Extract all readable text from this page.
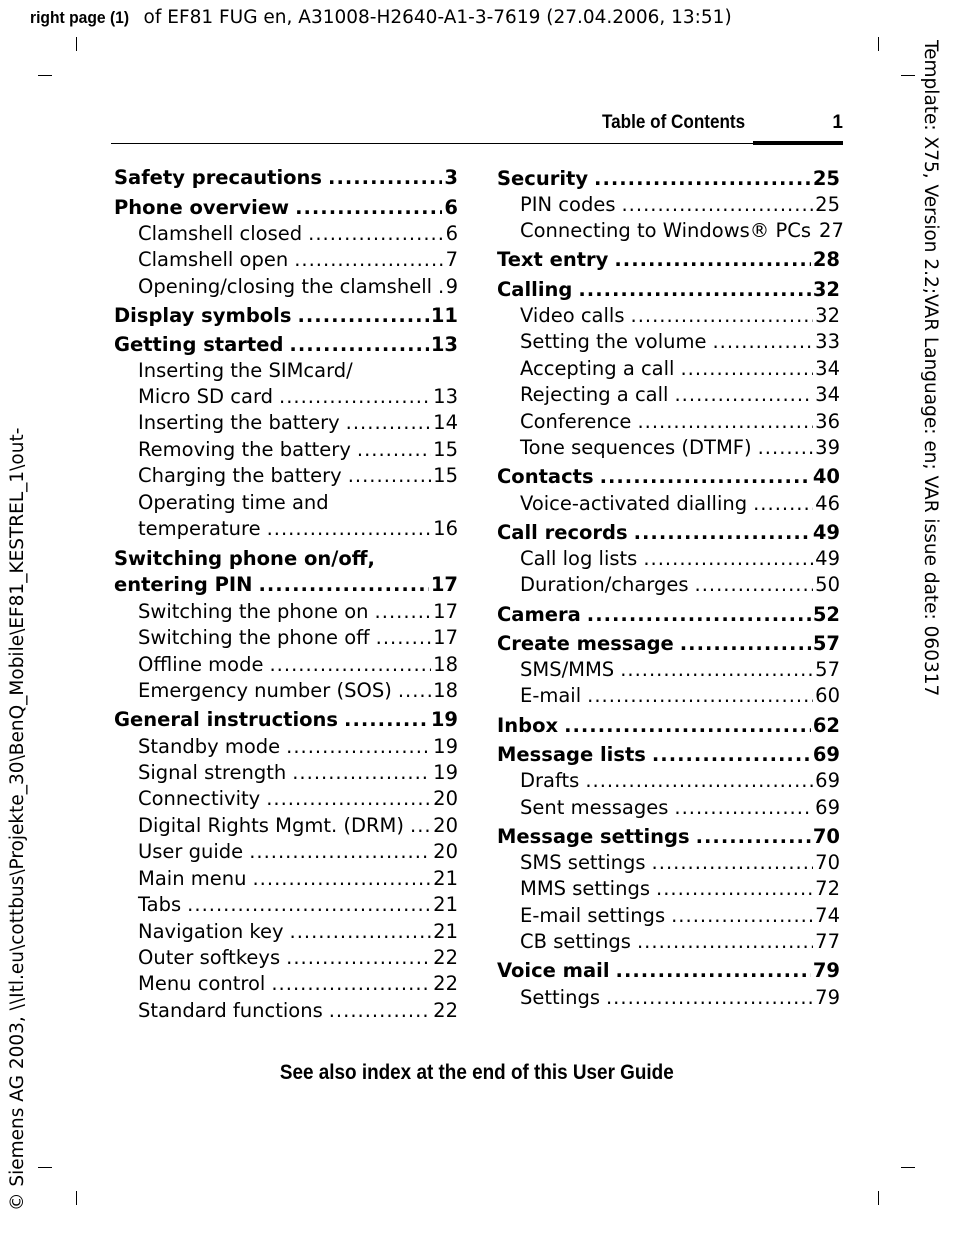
right page (1) of EF81 FUG en, A31008-H2640-A1-3-7619 (27.04.2006, 13:51)
Template: X75, Version 2.2;VAR Language: en; VAR issue date: 060317
© Siemens AG 2003, \\Itl.eu\cottbus\Projekte_30\BenQ_Mobile\EF81_KESTREL_1\out-
Table of Contents	1
Safety precautions .....	3
Phone overview .....	6
Clamshell closed .....	6
Clamshell open .....	7
Opening/closing the clamshell ..... 9
Display symbols .....	11
Getting started .....	13
Inserting the SIMcard/
Micro SD card .....	13
Inserting the battery .....	14
Removing the battery .....	15
Charging the battery .....	15
Operating time and
temperature .....	16
Switching phone on/off,
entering PIN .....	17
Switching the phone on .....	17
Switching the phone off .....	17
Offline mode .....	18
Emergency number (SOS) ..... 18
General instructions .....	19
Standby mode .....	19
Signal strength .....	19
Connectivity .....	20
Digital Rights Mgmt. (DRM) ..... 20
User guide .....	20
Main menu .....	21
Tabs .....	21
Navigation key .....	21
Outer softkeys .....	22
Menu control .....	22
Standard functions .....	22
Security .....	25
PIN codes .....	25
Connecting to Windows® PCs 27
Text entry .....	28
Calling .....	32
Video calls .....	32
Setting the volume .....	33
Accepting a call .....	34
Rejecting a call .....	34
Conference .....	36
Tone sequences (DTMF) .....	39
Contacts .....	40
Voice-activated dialling .....	46
Call records .....	49
Call log lists .....	49
Duration/charges .....	50
Camera .....	52
Create message .....	57
SMS/MMS .....	57
E-mail .....	60
Inbox .....	62
Message lists .....	69
Drafts .....	69
Sent messages .....	69
Message settings .....	70
SMS settings .....	70
MMS settings .....	72
E-mail settings .....	74
CB settings .....	77
Voice mail .....	79
Settings .....	79
See also index at the end of this User Guide
